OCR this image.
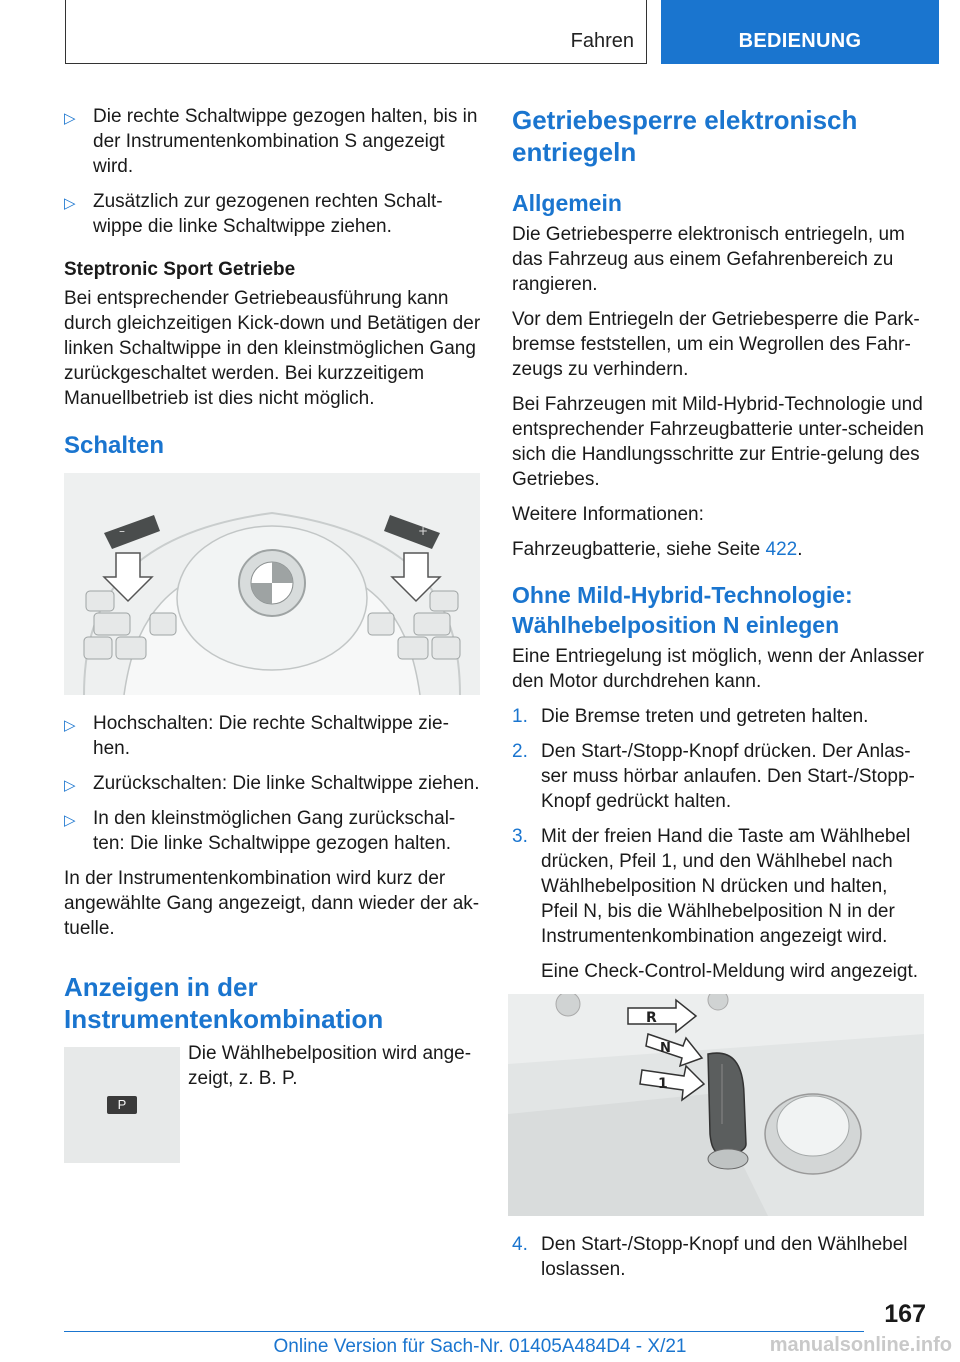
Fahren	BEDIENUNG
▷ Die rechte Schaltwippe gezogen halten, bis in der Instrumentenkombination S angezeigt wird.
▷ Zusätzlich zur gezogenen rechten Schalt‐wippe die linke Schaltwippe ziehen.
Steptronic Sport Getriebe

Bei entsprechender Getriebeausführung kann durch gleichzeitigen Kick-down und Betätigen der linken Schaltwippe in den kleinstmöglichen Gang zurückgeschaltet werden. Bei kurzzeitigem Manuellbetrieb ist dies nicht möglich.

Schalten
–	+
▷ Hochschalten: Die rechte Schaltwippe zie‐hen.
▷ Zurückschalten: Die linke Schaltwippe ziehen.
▷ In den kleinstmöglichen Gang zurückschal‐ten: Die linke Schaltwippe gezogen halten.

In der Instrumentenkombination wird kurz der angewählte Gang angezeigt, dann wieder der ak‐tuelle.

Anzeigen in der Instrumentenkombination
P

Die Wählhebelposition wird ange‐zeigt, z. B. P.

Getriebesperre elektronisch entriegeln
Allgemein

Die Getriebesperre elektronisch entriegeln, um das Fahrzeug aus einem Gefahrenbereich zu rangieren.

Vor dem Entriegeln der Getriebesperre die Park‐bremse feststellen, um ein Wegrollen des Fahr‐zeugs zu verhindern.

Bei Fahrzeugen mit Mild-Hybrid-Technologie und entsprechender Fahrzeugbatterie unter‐scheiden sich die Handlungsschritte zur Entrie‐gelung des Getriebes.

Weitere Informationen:

Fahrzeugbatterie, siehe Seite 422.

Ohne Mild-Hybrid-Technologie: Wählhebelposition N einlegen

Eine Entriegelung ist möglich, wenn der Anlasser den Motor durchdrehen kann.

1. Die Bremse treten und getreten halten.
2. Den Start-/Stopp-Knopf drücken. Der Anlas‐ser muss hörbar anlaufen. Den Start-/Stopp-Knopf gedrückt halten.
3. Mit der freien Hand die Taste am Wählhebel drücken, Pfeil 1, und den Wählhebel nach Wählhebelposition N drücken und halten, Pfeil N, bis die Wählhebelposition N in der Instrumentenkombination angezeigt wird.
Eine Check-Control-Meldung wird angezeigt.
R
N
1
4. Den Start-/Stopp-Knopf und den Wählhebel loslassen.
167
Online Version für Sach-Nr. 01405A484D4 - X/21	manualsonline.info
